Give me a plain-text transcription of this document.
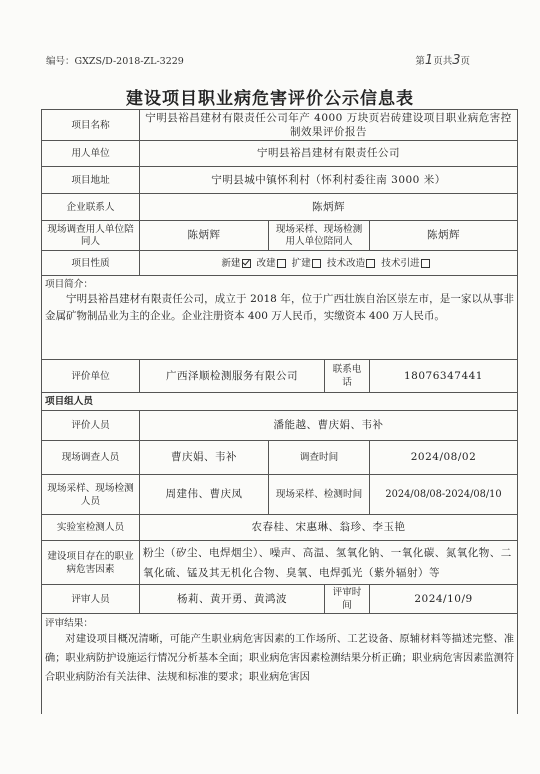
编号：GXZS/D-2018-ZL-3229	第1页共3页
建设项目职业病危害评价公示信息表
项目名称	宁明县裕昌建材有限责任公司年产 4000 万块页岩砖建设项目职业病危害控制效果评价报告			
用人单位	宁明县裕昌建材有限责任公司			
项目地址	宁明县城中镇怀利村（怀利村委往南 3000 米）			
企业联系人	陈炳辉			
现场调查用人单位陪同人	陈炳辉	现场采样、现场检测用人单位陪同人		陈炳辉
项目性质	新建 改建 扩建 技术改造 技术引进			

项目简介：
宁明县裕昌建材有限责任公司，成立于 2018 年，位于广西壮族自治区崇左市，是一家以从事非金属矿物制品业为主的企业。企业注册资本 400 万人民币，实缴资本 400 万人民币。				

评价单位	广西泽顺检测服务有限公司		联系电话	18076347441
项目组人员				
评价人员	潘能越、曹庆娟、韦补			
现场调查人员	曹庆娟、韦补	调查时间		2024/08/02
现场采样、现场检测人员	周建伟、曹庆凤	现场采样、检测时间		2024/08/08-2024/08/10
实验室检测人员	农春桂、宋惠琳、翁珍、李玉艳			
建设项目存在的职业病危害因素	粉尘（矽尘、电焊烟尘）、噪声、高温、氢氧化钠、一氧化碳、氮氧化物、二氧化硫、锰及其无机化合物、臭氧、电焊弧光（紫外辐射）等			
评审人员	杨莉、黄开勇、黄鸿波		评审时间	2024/10/9

评审结果：
对建设项目概况清晰，可能产生职业病危害因素的工作场所、工艺设备、原辅材料等描述完整、准确；职业病防护设施运行情况分析基本全面；职业病危害因素检测结果分析正确；职业病危害因素监测符合职业病防治有关法律、法规和标准的要求；职业病危害因				
